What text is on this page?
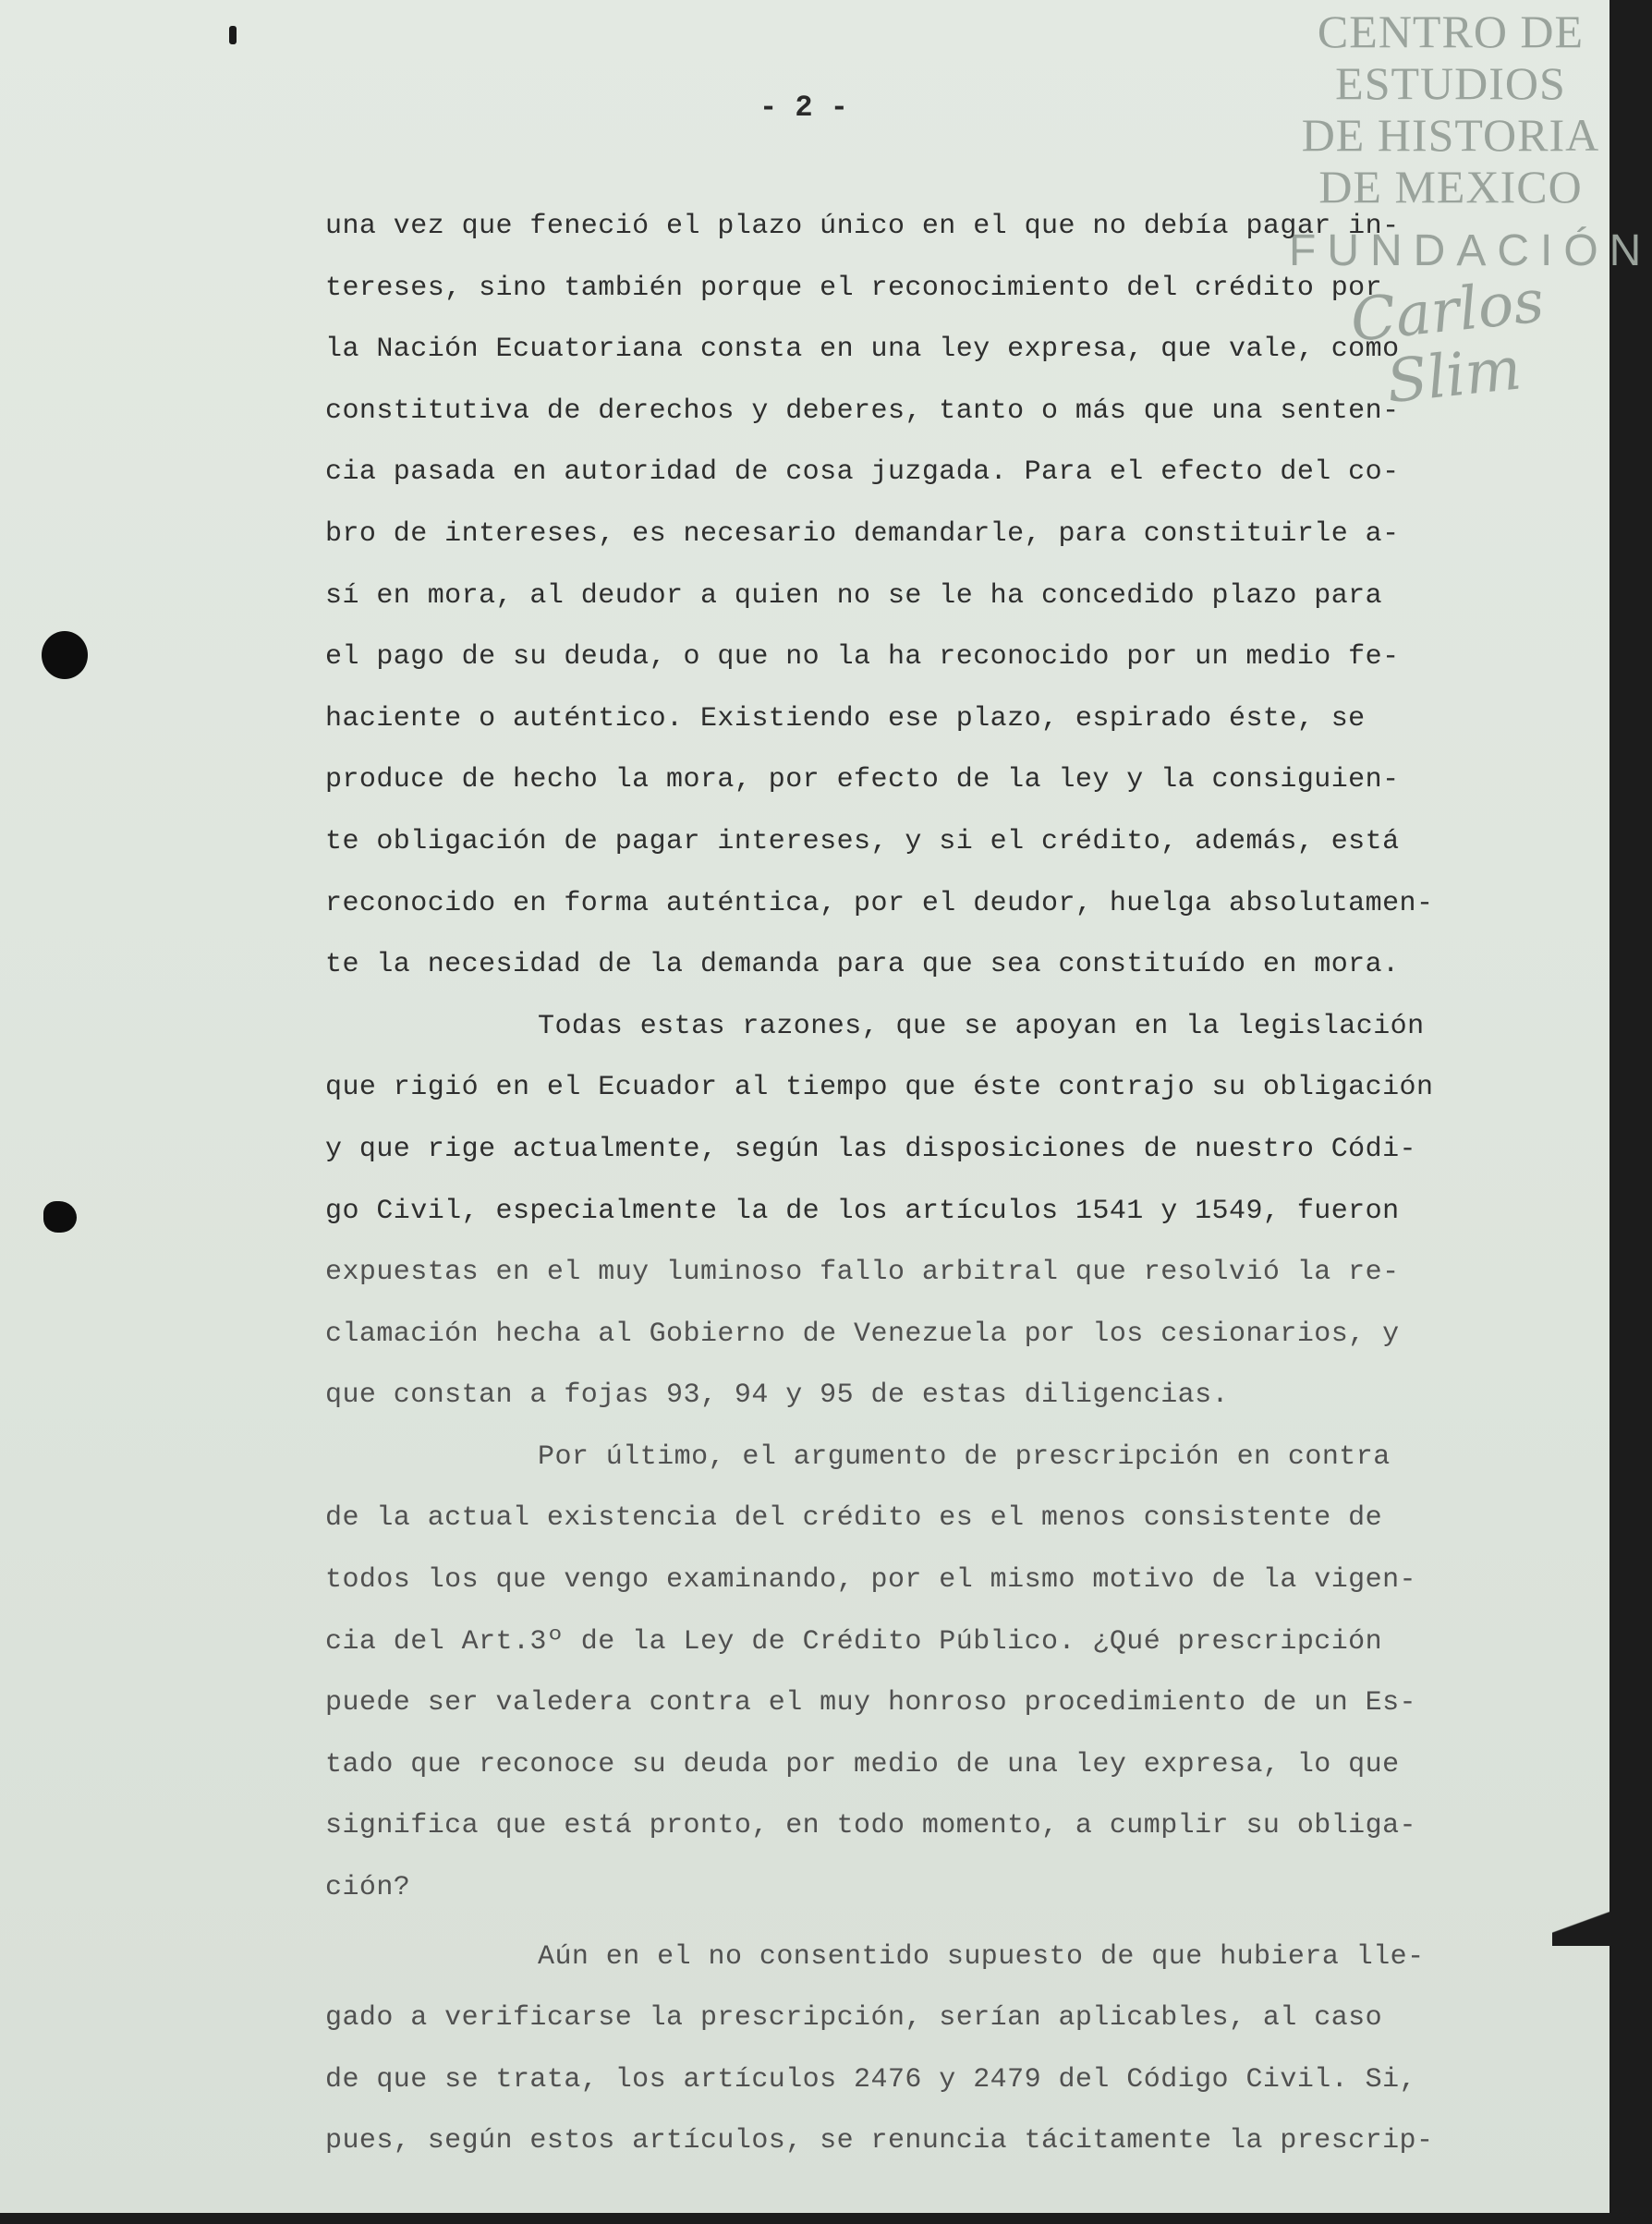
- 2 -
CENTRO DE
ESTUDIOS
DE HISTORIA
DE MEXICO
FUNDACIÓN
Carlos Slim
una vez que feneció el plazo único en el que no debía pagar in-
tereses, sino también porque el reconocimiento del crédito por
la Nación Ecuatoriana consta en una ley expresa, que vale, como
constitutiva de derechos y deberes, tanto o más que una senten-
cia pasada en autoridad de cosa juzgada. Para el efecto del co-
bro de intereses, es necesario demandarle, para constituirle a-
sí en mora, al deudor a quien no se le ha concedido plazo para
el pago de su deuda, o que no la ha reconocido por un medio fe-
haciente o auténtico. Existiendo ese plazo, espirado éste, se
produce de hecho la mora, por efecto de la ley y la consiguien-
te obligación de pagar intereses, y si el crédito, además, está
reconocido en forma auténtica, por el deudor, huelga absolutamen-
te la necesidad de la demanda para que sea constituído en mora.
Todas estas razones, que se apoyan en la legislación
que rigió en el Ecuador al tiempo que éste contrajo su obligación
y que rige actualmente, según las disposiciones de nuestro Códi-
go Civil, especialmente la de los artículos 1541 y 1549, fueron
expuestas en el muy luminoso fallo arbitral que resolvió la re-
clamación hecha al Gobierno de Venezuela por los cesionarios, y
que constan a fojas 93, 94 y 95 de estas diligencias.
Por último, el argumento de prescripción en contra
de la actual existencia del crédito es el menos consistente de
todos los que vengo examinando, por el mismo motivo de la vigen-
cia del Art.3º de la Ley de Crédito Público. ¿Qué prescripción
puede ser valedera contra el muy honroso procedimiento de un Es-
tado que reconoce su deuda por medio de una ley expresa, lo que
significa que está pronto, en todo momento, a cumplir su obliga-
ción?
Aún en el no consentido supuesto de que hubiera lle-
gado a verificarse la prescripción, serían aplicables, al caso
de que se trata, los artículos 2476 y 2479 del Código Civil. Si,
pues, según estos artículos, se renuncia tácitamente la prescrip-
